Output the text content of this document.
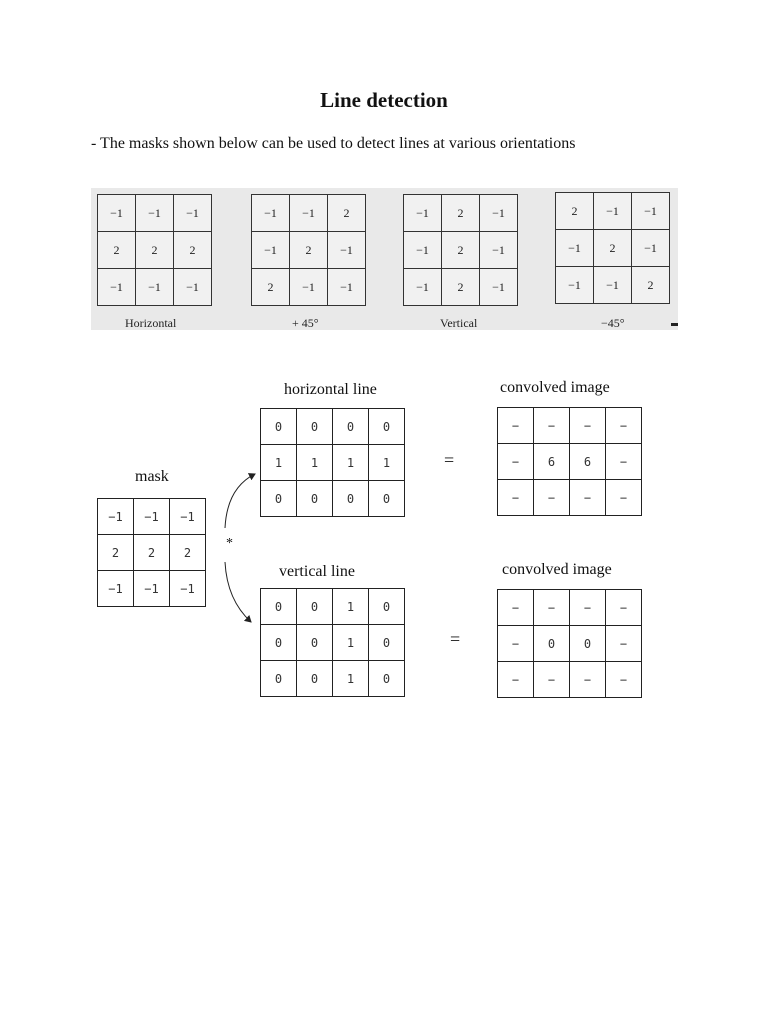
Line detection
- The masks shown below can be used to detect lines at various orientations
−1	−1	−1
2	2	2
−1	−1	−1
Horizontal
−1	−1	2
−1	2	−1
2	−1	−1
+ 45°
−1	2	−1
−1	2	−1
−1	2	−1
Vertical
2	−1	−1
−1	2	−1
−1	−1	2
−45°
mask
−1	−1	−1
2	2	2
−1	−1	−1
*
horizontal line
0	0	0	0
1	1	1	1
0	0	0	0
=
convolved image
−	−	−	−
−	6	6	−
−	−	−	−
vertical line
0	0	1	0
0	0	1	0
0	0	1	0
=
convolved image
−	−	−	−
−	0	0	−
−	−	−	−
